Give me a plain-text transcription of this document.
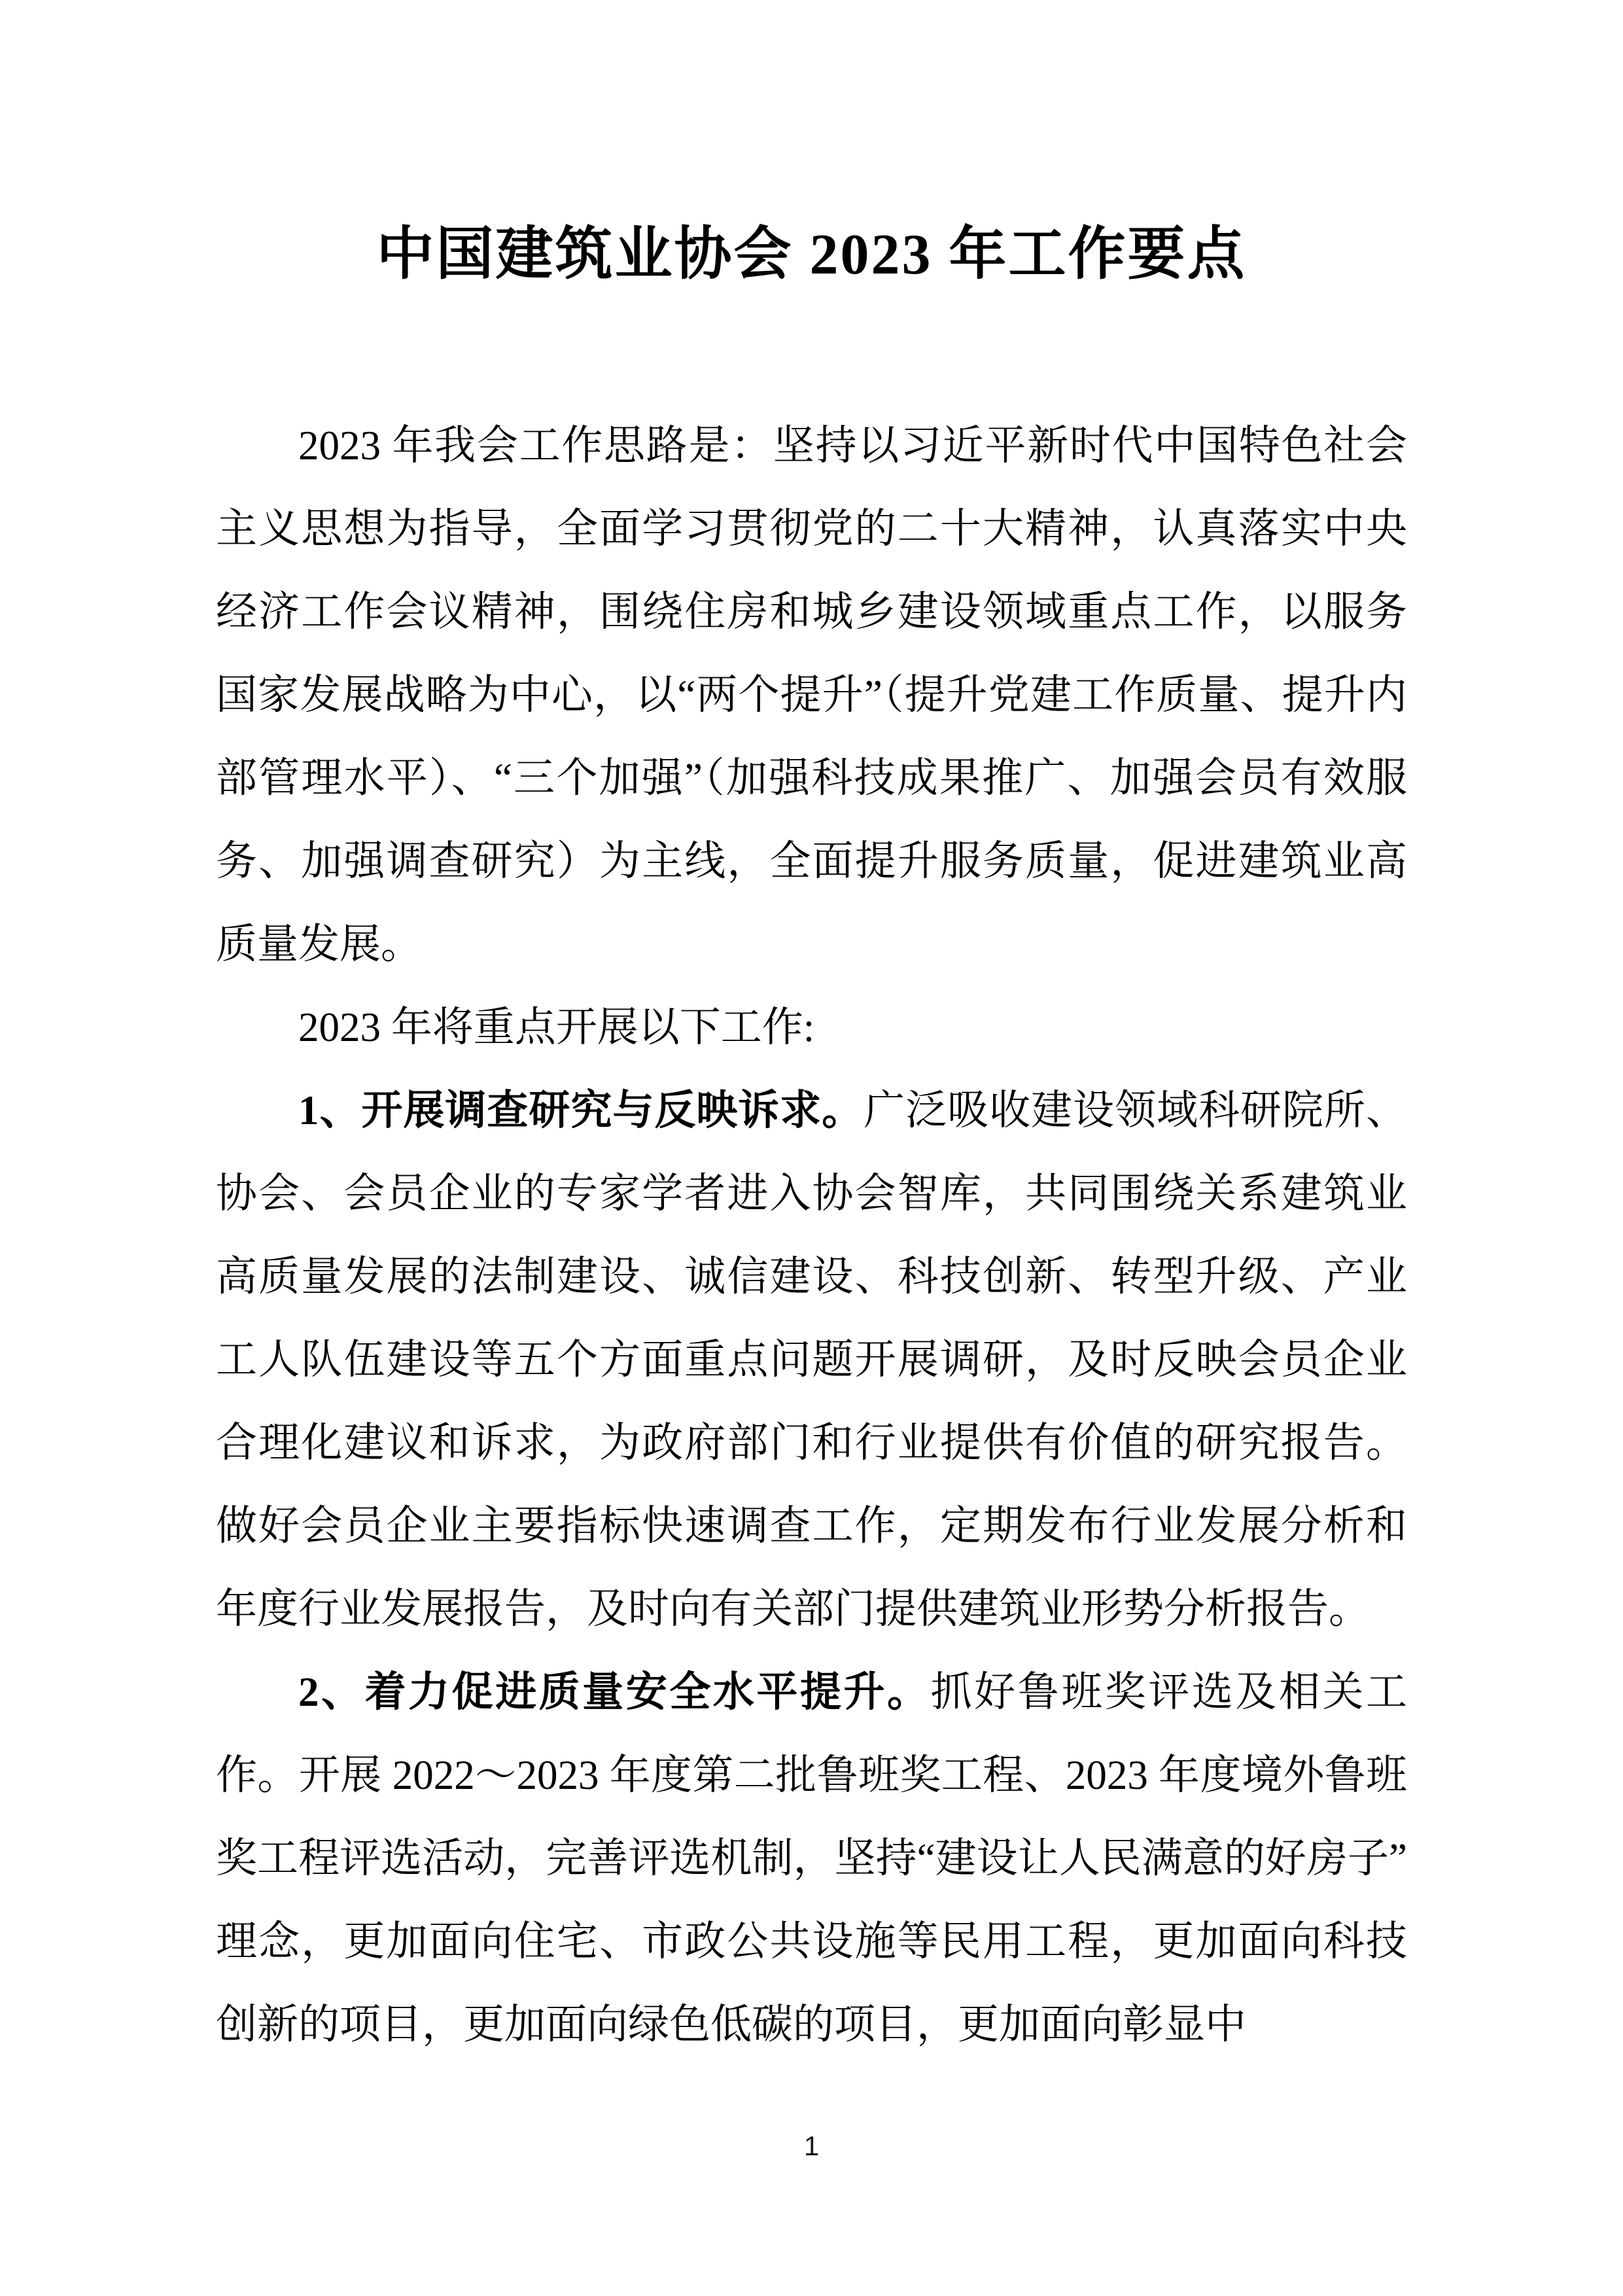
中国建筑业协会 2023 年工作要点

2023 年我会工作思路是：坚持以习近平新时代中国特色社会主义思想为指导，全面学习贯彻党的二十大精神，认真落实中央经济工作会议精神，围绕住房和城乡建设领域重点工作，以服务国家发展战略为中心，以“两个提升”（提升党建工作质量、提升内部管理水平）、“三个加强”（加强科技成果推广、加强会员有效服务、加强调查研究）为主线，全面提升服务质量，促进建筑业高质量发展。

2023 年将重点开展以下工作:

1、开展调查研究与反映诉求。广泛吸收建设领域科研院所、协会、会员企业的专家学者进入协会智库，共同围绕关系建筑业高质量发展的法制建设、诚信建设、科技创新、转型升级、产业工人队伍建设等五个方面重点问题开展调研，及时反映会员企业合理化建议和诉求，为政府部门和行业提供有价值的研究报告。做好会员企业主要指标快速调查工作，定期发布行业发展分析和年度行业发展报告，及时向有关部门提供建筑业形势分析报告。

2、着力促进质量安全水平提升。抓好鲁班奖评选及相关工作。开展 2022～2023 年度第二批鲁班奖工程、2023 年度境外鲁班奖工程评选活动，完善评选机制，坚持“建设让人民满意的好房子”理念，更加面向住宅、市政公共设施等民用工程，更加面向科技创新的项目，更加面向绿色低碳的项目，更加面向彰显中

1
